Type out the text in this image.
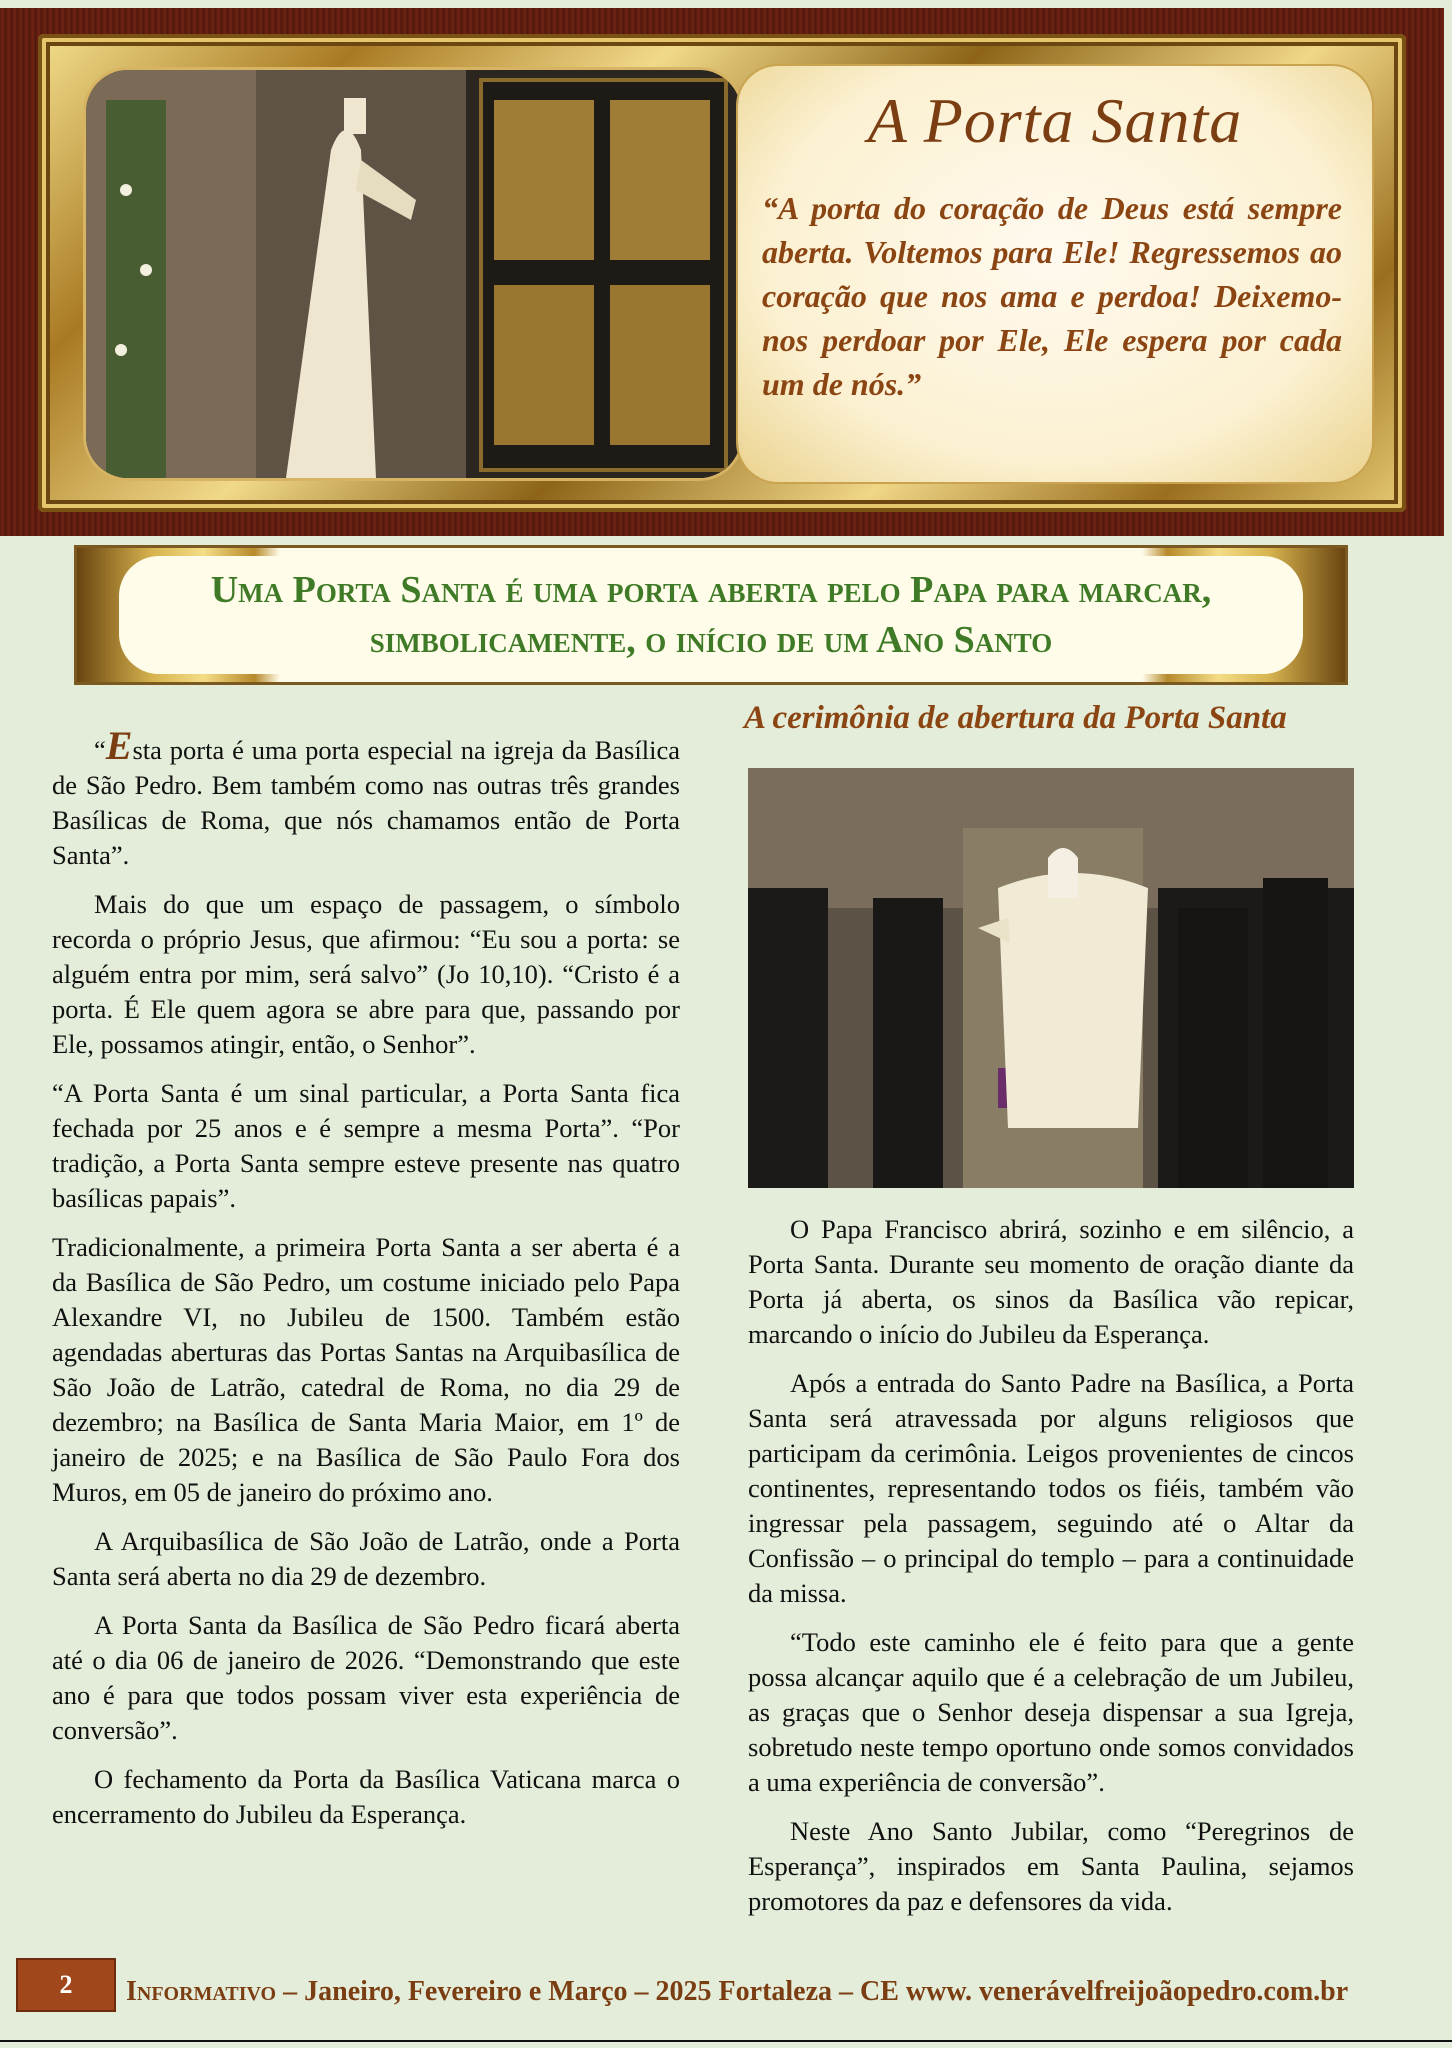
A Porta Santa
“A porta do coração de Deus está sempre aberta. Voltemos para Ele! Regressemos ao coração que nos ama e perdoa! Deixemo-nos perdoar por Ele, Ele espera por cada um de nós.”
Uma Porta Santa é uma porta aberta pelo Papa para marcar, simbolicamente, o início de um Ano Santo

“Esta porta é uma porta especial na igreja da Basílica de São Pedro. Bem também como nas outras três grandes Basílicas de Roma, que nós chamamos então de Porta Santa”.

Mais do que um espaço de passagem, o símbolo recorda o próprio Jesus, que afirmou: “Eu sou a porta: se alguém entra por mim, será salvo” (Jo 10,10). “Cristo é a porta. É Ele quem agora se abre para que, passando por Ele, possamos atingir, então, o Senhor”.

“A Porta Santa é um sinal particular, a Porta Santa fica fechada por 25 anos e é sempre a mesma Porta”. “Por tradição, a Porta Santa sempre esteve presente nas quatro basílicas papais”.

Tradicionalmente, a primeira Porta Santa a ser aberta é a da Basílica de São Pedro, um costume iniciado pelo Papa Alexandre VI, no Jubileu de 1500. Também estão agendadas aberturas das Portas Santas na Arquibasílica de São João de Latrão, catedral de Roma, no dia 29 de dezembro; na Basílica de Santa Maria Maior, em 1º de janeiro de 2025; e na Basílica de São Paulo Fora dos Muros, em 05 de janeiro do próximo ano.

A Arquibasílica de São João de Latrão, onde a Porta Santa será aberta no dia 29 de dezembro.

A Porta Santa da Basílica de São Pedro ficará aberta até o dia 06 de janeiro de 2026. “Demonstrando que este ano é para que todos possam viver esta experiência de conversão”.

O fechamento da Porta da Basílica Vaticana marca o encerramento do Jubileu da Esperança.

A cerimônia de abertura da Porta Santa

O Papa Francisco abrirá, sozinho e em silêncio, a Porta Santa. Durante seu momento de oração diante da Porta já aberta, os sinos da Basílica vão repicar, marcando o início do Jubileu da Esperança.

Após a entrada do Santo Padre na Basílica, a Porta Santa será atravessada por alguns religiosos que participam da cerimônia. Leigos provenientes de cincos continentes, representando todos os fiéis, também vão ingressar pela passagem, seguindo até o Altar da Confissão – o principal do templo – para a continuidade da missa.

“Todo este caminho ele é feito para que a gente possa alcançar aquilo que é a celebração de um Jubileu, as graças que o Senhor deseja dispensar a sua Igreja, sobretudo neste tempo oportuno onde somos convidados a uma experiência de conversão”.

Neste Ano Santo Jubilar, como “Peregrinos de Esperança”, inspirados em Santa Paulina, sejamos promotores da paz e defensores da vida.

2	Informativo – Janeiro, Fevereiro e Março – 2025 Fortaleza – CE www. venerávelfreijoãopedro.com.br
